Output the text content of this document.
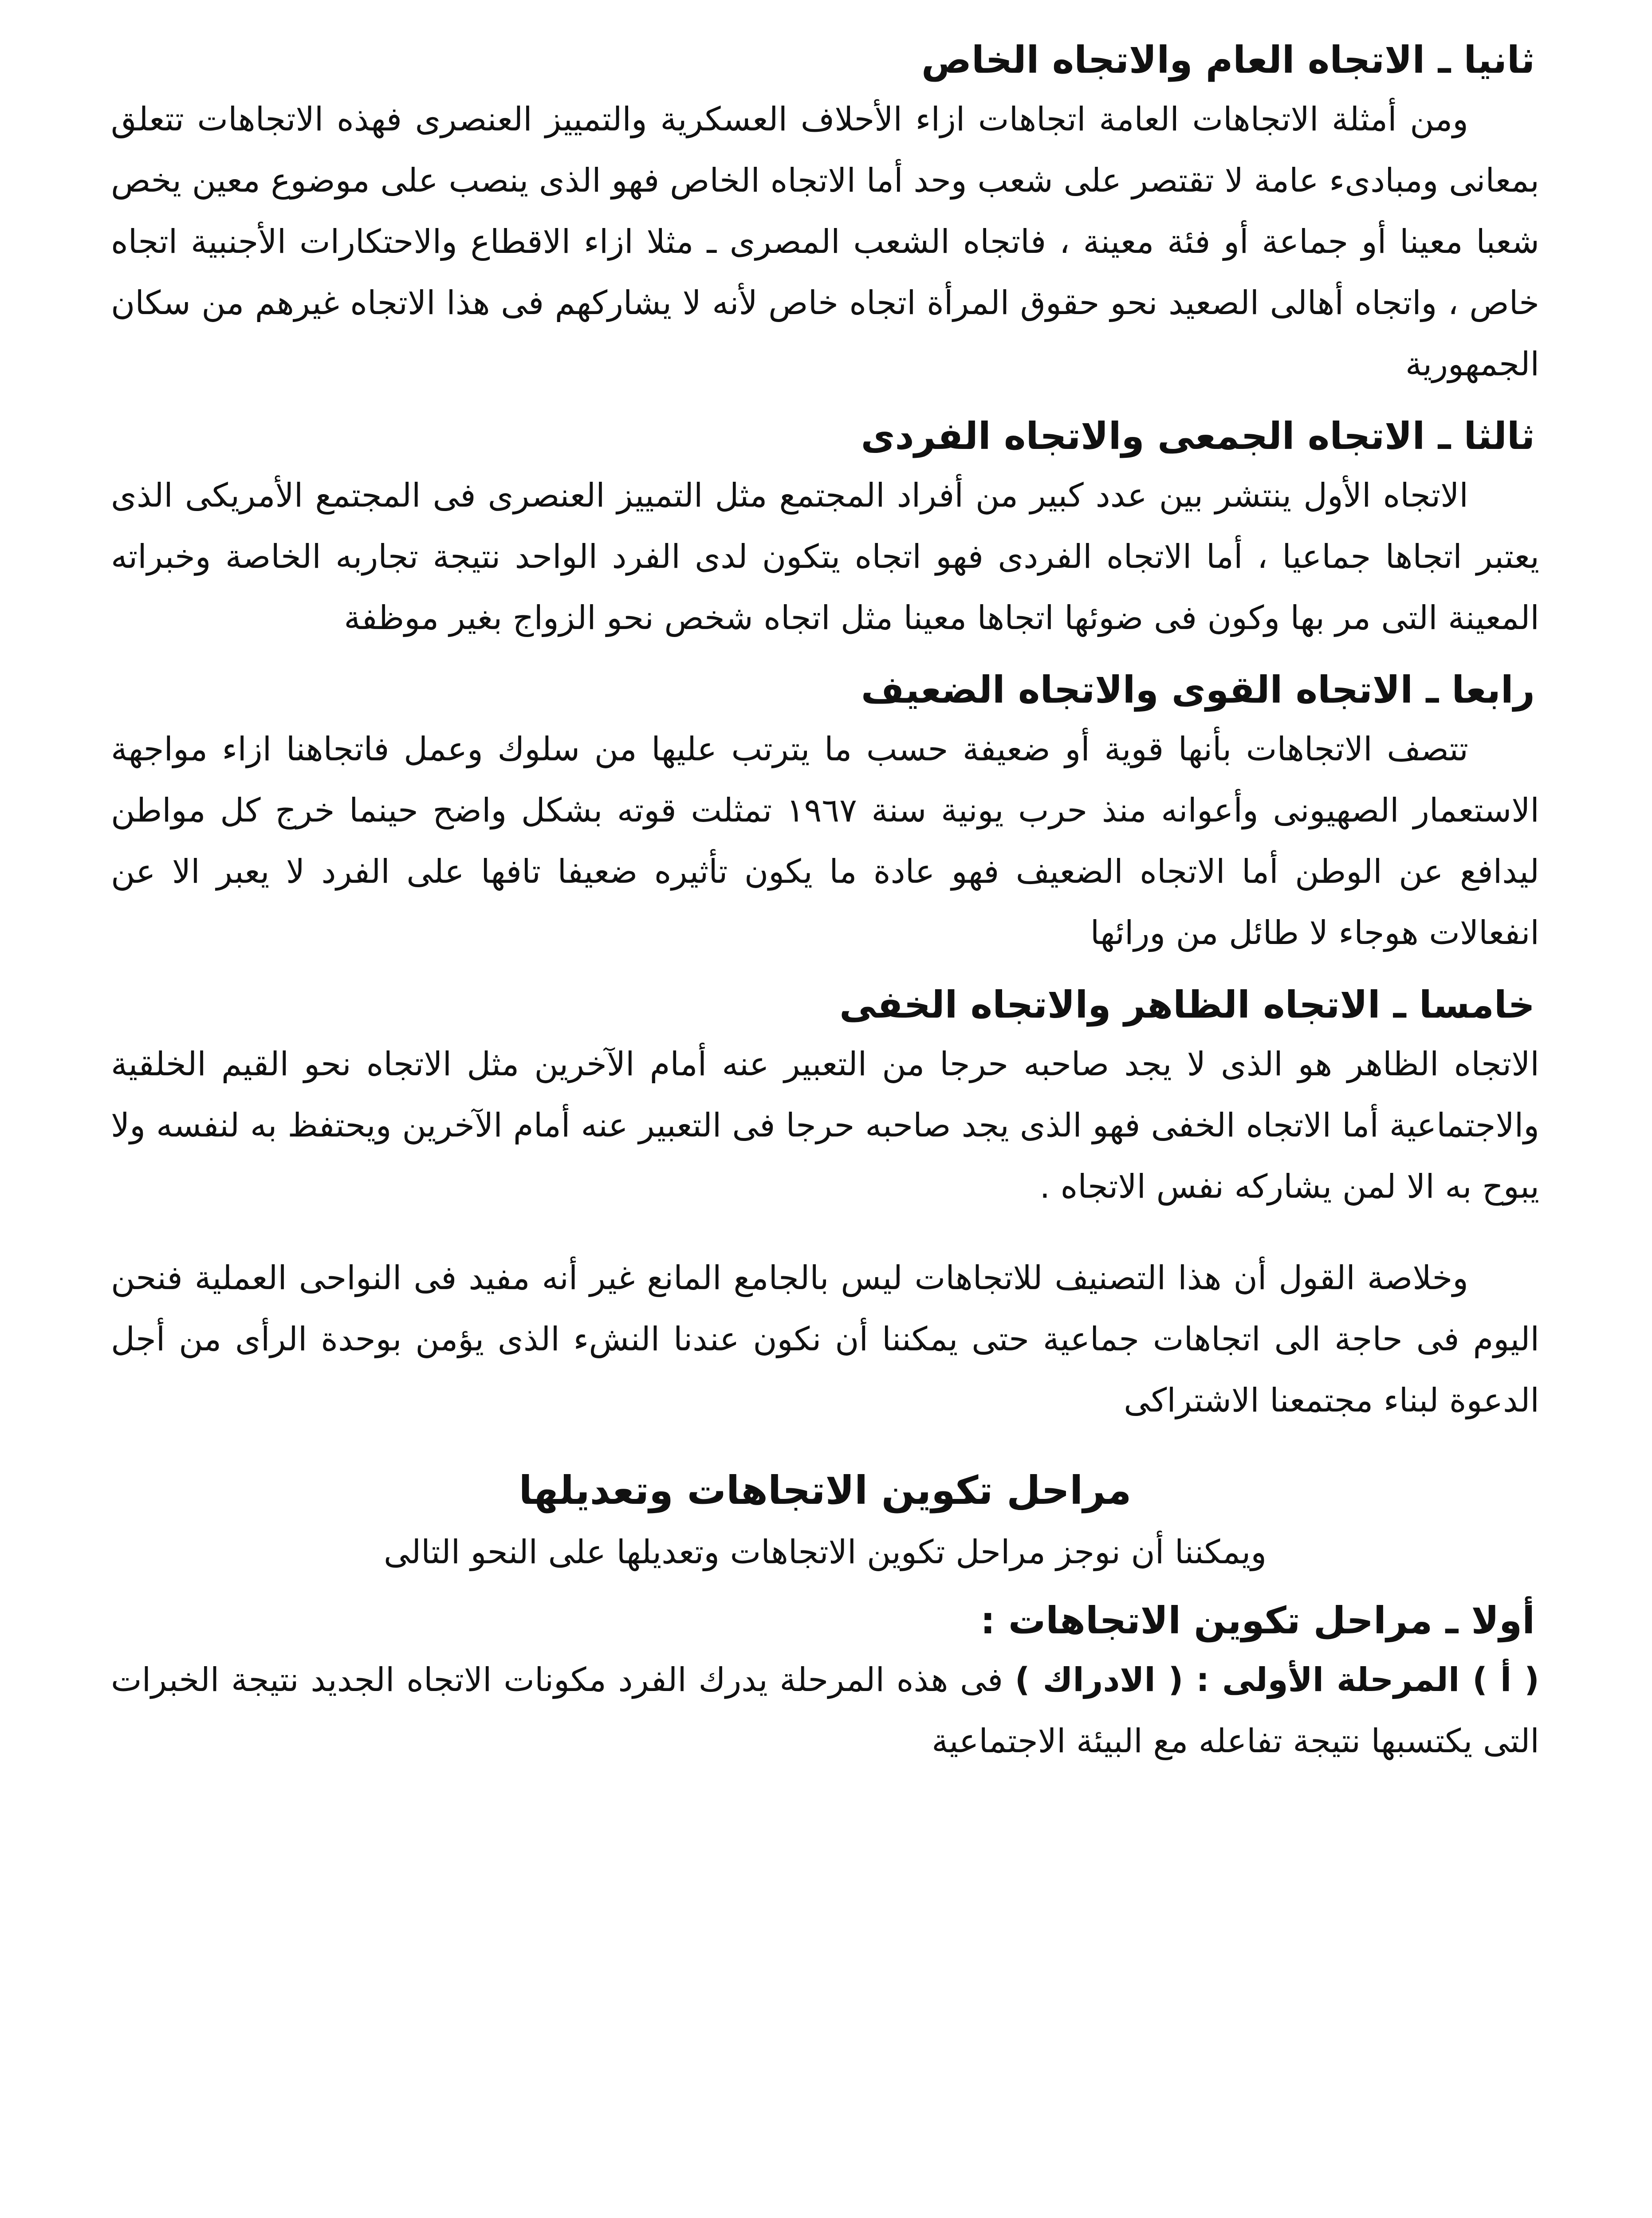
ثانيا ـ الاتجاه العام والاتجاه الخاص

ومن أمثلة الاتجاهات العامة اتجاهات ازاء الأحلاف العسكرية والتمييز العنصرى فهذه الاتجاهات تتعلق بمعانى ومبادىء عامة لا تقتصر على شعب وحد أما الاتجاه الخاص فهو الذى ينصب على موضوع معين يخص شعبا معينا أو جماعة أو فئة معينة ، فاتجاه الشعب المصرى ـ مثلا ازاء الاقطاع والاحتكارات الأجنبية اتجاه خاص ، واتجاه أهالى الصعيد نحو حقوق المرأة اتجاه خاص لأنه لا يشاركهم فى هذا الاتجاه غيرهم من سكان الجمهورية

ثالثا ـ الاتجاه الجمعى والاتجاه الفردى

الاتجاه الأول ينتشر بين عدد كبير من أفراد المجتمع مثل التمييز العنصرى فى المجتمع الأمريكى الذى يعتبر اتجاها جماعيا ، أما الاتجاه الفردى فهو اتجاه يتكون لدى الفرد الواحد نتيجة تجاربه الخاصة وخبراته المعينة التى مر بها وكون فى ضوئها اتجاها معينا مثل اتجاه شخص نحو الزواج بغير موظفة

رابعا ـ الاتجاه القوى والاتجاه الضعيف

تتصف الاتجاهات بأنها قوية أو ضعيفة حسب ما يترتب عليها من سلوك وعمل فاتجاهنا ازاء مواجهة الاستعمار الصهيونى وأعوانه منذ حرب يونية سنة ١٩٦٧ تمثلت قوته بشكل واضح حينما خرج كل مواطن ليدافع عن الوطن أما الاتجاه الضعيف فهو عادة ما يكون تأثيره ضعيفا تافها على الفرد لا يعبر الا عن انفعالات هوجاء لا طائل من ورائها

خامسا ـ الاتجاه الظاهر والاتجاه الخفى

الاتجاه الظاهر هو الذى لا يجد صاحبه حرجا من التعبير عنه أمام الآخرين مثل الاتجاه نحو القيم الخلقية والاجتماعية أما الاتجاه الخفى فهو الذى يجد صاحبه حرجا فى التعبير عنه أمام الآخرين ويحتفظ به لنفسه ولا يبوح به الا لمن يشاركه نفس الاتجاه .

وخلاصة القول أن هذا التصنيف للاتجاهات ليس بالجامع المانع غير أنه مفيد فى النواحى العملية فنحن اليوم فى حاجة الى اتجاهات جماعية حتى يمكننا أن نكون عندنا النشء الذى يؤمن بوحدة الرأى من أجل الدعوة لبناء مجتمعنا الاشتراكى

مراحل تكوين الاتجاهات وتعديلها

ويمكننا أن نوجز مراحل تكوين الاتجاهات وتعديلها على النحو التالى

أولا ـ مراحل تكوين الاتجاهات :

( أ ) المرحلة الأولى : ( الادراك ) فى هذه المرحلة يدرك الفرد مكونات الاتجاه الجديد نتيجة الخبرات التى يكتسبها نتيجة تفاعله مع البيئة الاجتماعية
